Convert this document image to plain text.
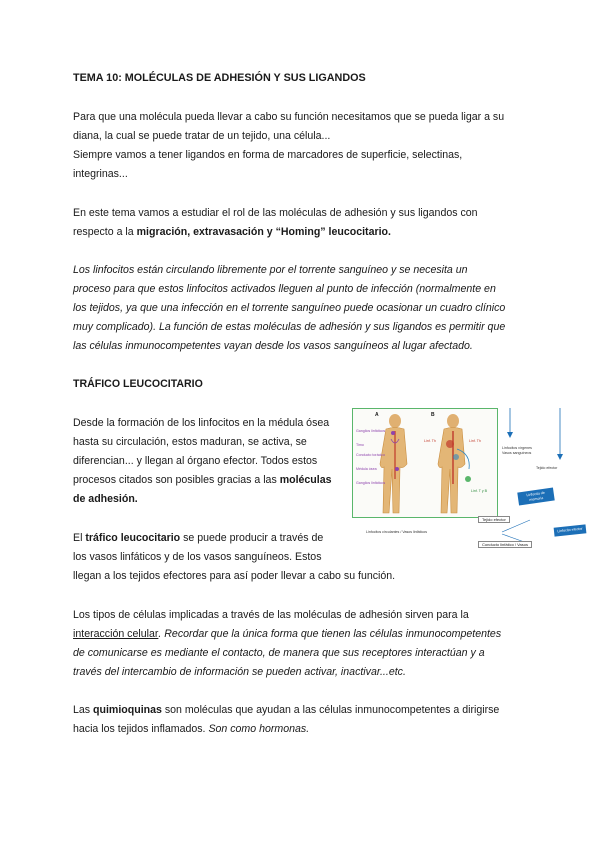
TEMA 10: MOLÉCULAS DE ADHESIÓN Y SUS LIGANDOS
Para que una molécula pueda llevar a cabo su función necesitamos que se pueda ligar a su
diana, la cual se puede tratar de un tejido, una célula...
Siempre vamos a tener ligandos en forma de marcadores de superficie, selectinas,
integrinas...
En este tema vamos a estudiar el rol de las moléculas de adhesión y sus ligandos con
respecto a la migración, extravasación y “Homing” leucocitario.
Los linfocitos están circulando libremente por el torrente sanguíneo y se necesita un
proceso para que estos linfocitos activados lleguen al punto de infección (normalmente en
los tejidos, ya que una infección en el torrente sanguíneo puede ocasionar un cuadro clínico
muy complicado). La función de estas moléculas de adhesión y sus ligandos es permitir que
las células inmunocompetentes vayan desde los vasos sanguíneos al lugar afectado.
TRÁFICO LEUCOCITARIO
Desde la formación de los linfocitos en la médula ósea
hasta su circulación, estos maduran, se activa, se
diferencian... y llegan al órgano efector. Todos estos
procesos citados son posibles gracias a las moléculas
de adhesión.
El tráfico leucocitario se puede producir a través de
los vasos linfáticos y de los vasos sanguíneos. Estos
llegan a los tejidos efectores para así poder llevar a cabo su función.
Los tipos de células implicadas a través de las moléculas de adhesión sirven para la
interacción celular. Recordar que la única forma que tienen las células inmunocompetentes
de comunicarse es mediante el contacto, de manera que sus receptores interactúan y a
través del intercambio de información se pueden activar, inactivar...etc.
Las quimioquinas son moléculas que ayudan a las células inmunocompetentes a dirigirse
hacia los tejidos inflamados. Son como hormonas.
A	B
Ganglios linfáticos
Timo
Conducto torácico
Médula ósea
Ganglios linfáticos
Linf. Th	Linf. Th
Linf. T y B
Linfocitos vírgenes
Vasos sanguíneos
Tejido efector
Linfocitos circulantes / Vasos linfáticos
Tejido efector
Conducto linfático / Vasos
Linfocito de memoria
Linfocito efector
